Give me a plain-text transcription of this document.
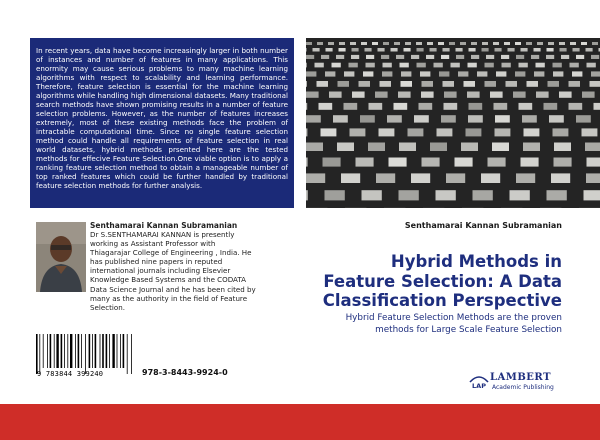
In recent years, data have become increasingly larger in both number of instances and number of features in many applications. This enormity may cause serious problems to many machine learning algorithms with respect to scalability and learning performance. Therefore, feature selection is essential for the machine learning algorithms while handling high dimensional datasets. Many traditional search methods have shown promising results in a number of feature selection problems. However, as the number of features increases extremely, most of these existing methods face the problem of intractable computational time. Since no single feature selection method could handle all requirements of feature selection in real world datasets, hybrid methods prsented here are the tested methods for effecive Feature Selection.One viable option is to apply a ranking feature selection method to obtain a manageable number of top ranked features which could be further handled by traditional feature selection methods for further analysis.

Senthamarai Kannan Subramanian

Dr S.SENTHAMARAI KANNAN is presently working as Assistant Professor with Thiagarajar College of Engineering , India. He has published nine papers in reputed international journals including Elsevier Knowledge Based Systems and the CODATA Data Science Journal and he has been cited by many as the authority in the field of Feature Selection.

9 783844 399240	978-3-8443-9924-0
Senthamarai Kannan Subramanian
Hybrid Methods in Feature Selection: A Data Classification Perspective

Hybrid Feature Selection Methods are the proven methods for Large Scale Feature Selection

LAP
LAMBERT
Academic Publishing
